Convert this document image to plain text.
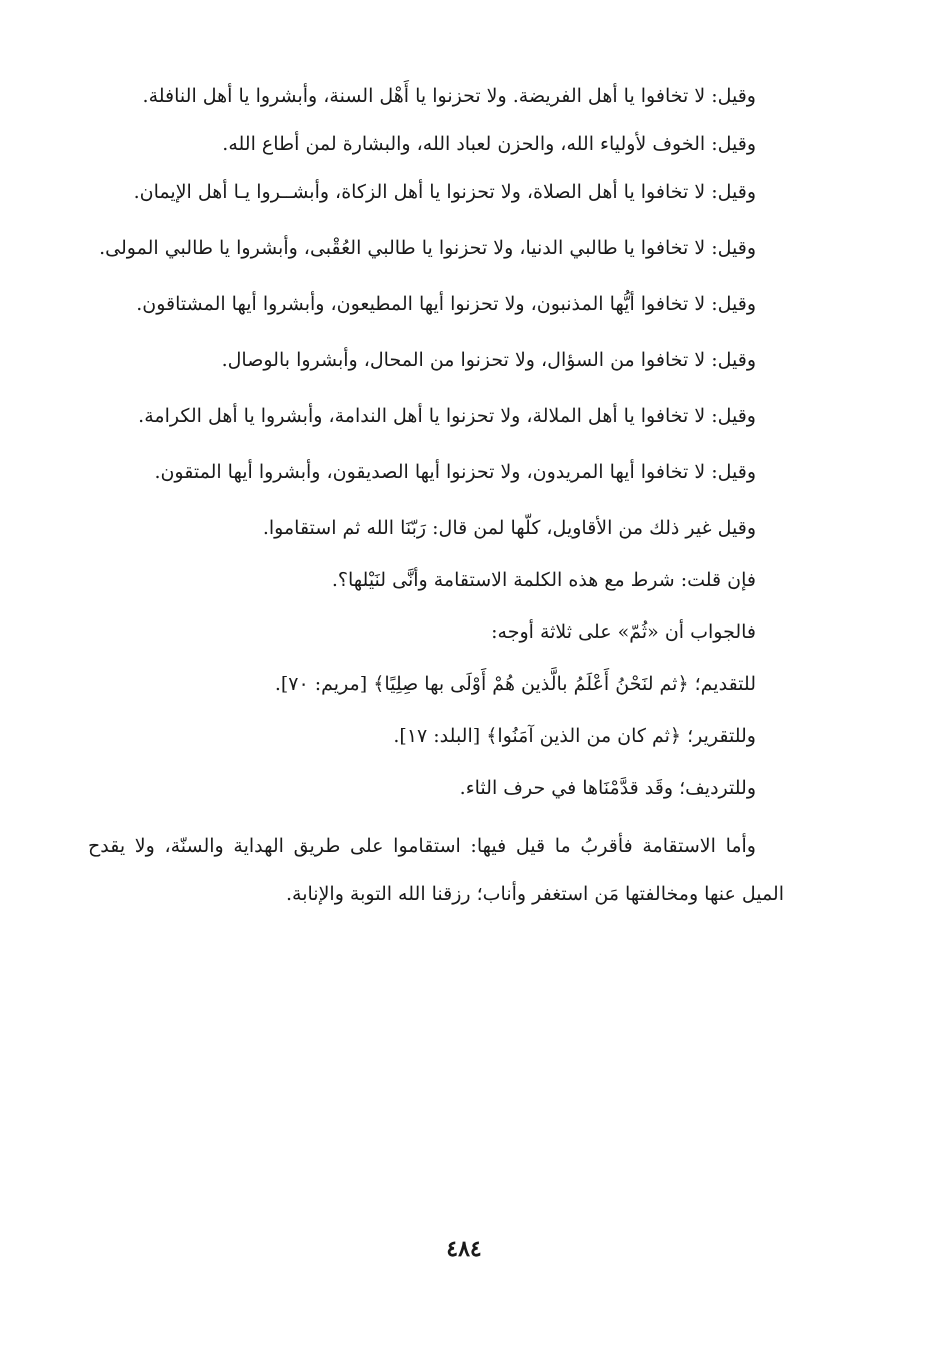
وقيل: لا تخافوا يا أهل الفريضة. ولا تحزنوا يا أَهْل السنة، وأبشروا يا أهل النافلة.

وقيل: الخوف لأولياء الله، والحزن لعباد الله، والبشارة لمن أطاع الله.

وقيل: لا تخافوا يا أهل الصلاة، ولا تحزنوا يا أهل الزكاة، وأبشــروا يـا أهل الإيمان.

وقيل: لا تخافوا يا طالبي الدنيا، ولا تحزنوا يا طالبي العُقْبى، وأبشروا يا طالبي المولى.

وقيل: لا تخافوا أيُّها المذنبون، ولا تحزنوا أيها المطيعون، وأبشروا أيها المشتاقون.

وقيل: لا تخافوا من السؤال، ولا تحزنوا من المحال، وأبشروا بالوصال.

وقيل: لا تخافوا يا أهل الملالة، ولا تحزنوا يا أهل الندامة، وأبشروا يا أهل الكرامة.

وقيل: لا تخافوا أيها المريدون، ولا تحزنوا أيها الصديقون، وأبشروا أيها المتقون.

وقيل غير ذلك من الأقاويل، كلّها لمن قال: رَبّنَا الله ثم استقاموا.

فإن قلت: شرط مع هذه الكلمة الاستقامة وأنَّى لنَيْلها؟.

فالجواب أن «ثُمّ» على ثلاثة أوجه:

للتقديم؛ ﴿ثم لنَحْنُ أَعْلَمُ بالَّذين هُمْ أَوْلَى بها صِلِيًا﴾ [مريم: ٧٠].

وللتقرير؛ ﴿ثم كان من الذين آمَنُوا﴾ [البلد: ١٧].

وللترديف؛ وقَد قدَّمْنَاها في حرف الثاء.

وأما الاستقامة فأقربُ ما قيل فيها: استقاموا على طريق الهداية والسنّة، ولا يقدح الميل عنها ومخالفتها مَن استغفر وأناب؛ رزقنا الله التوبة والإنابة.

٤٨٤
